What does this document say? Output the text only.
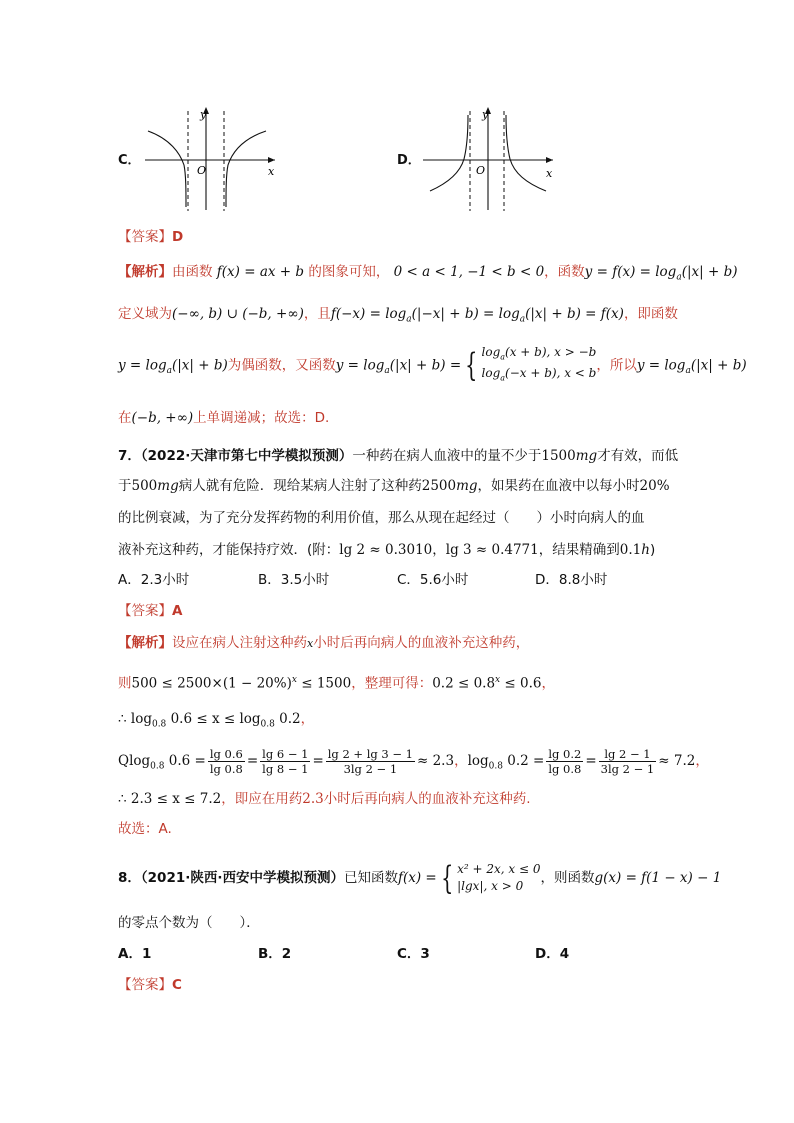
C．
y
x
O
D．
y
x
O
【答案】D
【解析】由函数 f(x) = ax + b 的图象可知， 0 < a < 1, −1 < b < 0，函数$y = f(x) = \log_a(|x| + b)$
定义域为(−∞, b) ∪ (−b, +∞)，且$f(-x) = \log_a(|-x| + b) = \log_a(|x| + b) = f(x)$，即函数
$y = \log_a(|x| + b)$为偶函数，又函数$y = \log_a(|x| + b)$ = { $\log_a(x + b)$, x > −b
$\log_a(-x + b)$, x < b ，所以$y = \log_a(|x| + b)$
在(−b, +∞)上单调递减；故选：D.
7．（2022·天津市第七中学模拟预测）一种药在病人血液中的量不少于1500mg才有效，而低
于500mg病人就有危险．现给某病人注射了这种药2500mg，如果药在血液中以每小时20%
的比例衰减，为了充分发挥药物的利用价值，那么从现在起经过（　　）小时向病人的血
液补充这种药，才能保持疗效．(附：lg 2 ≈ 0.3010，lg 3 ≈ 0.4771，结果精确到0.1h)
A．2.3小时	B．3.5小时	C．5.6小时	D．8.8小时
【答案】A
【解析】设应在病人注射这种药x小时后再向病人的血液补充这种药，
则$500 \le 2500\times(1 - 20\%)^x \le 1500$，整理可得：$0.2 \le 0.8^x \le 0.6$，
∴ $\log_{0.8} 0.6 \le x \le \log_{0.8} 0.2$，
Qlog$_{0.8}$ $0.6 = \frac{\lg 0.6}{\lg 0.8} = \frac{\lg 6 - 1}{\lg 8 - 1} = \frac{\lg 2 + \lg 3 - 1}{3\lg 2 - 1} \approx 2.3$，$\log_{0.8} 0.2 = \frac{\lg 0.2}{\lg 0.8} = \frac{\lg 2 - 1}{3\lg 2 - 1} \approx 7.2$，
∴ 2.3 ≤ x ≤ 7.2，即应在用药2.3小时后再向病人的血液补充这种药.
故选：A.
8．（2021·陕西·西安中学模拟预测）已知函数f(x) = { x² + 2x, x ≤ 0
|lgx|, x > 0	，则函数g(x) = f(1 − x) − 1
的零点个数为（　　）．
A．1	B．2	C．3	D．4
【答案】C
